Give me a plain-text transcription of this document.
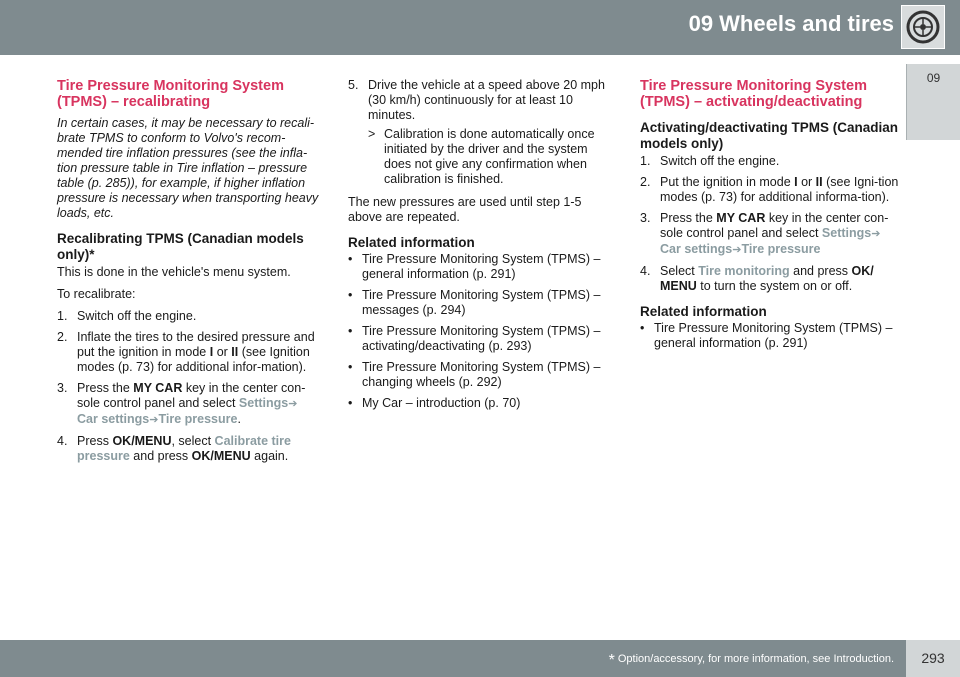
09 Wheels and tires
09
Tire Pressure Monitoring System (TPMS) – recalibrating

In certain cases, it may be necessary to recali-brate TPMS to conform to Volvo's recom-mended tire inflation pressures (see the infla-tion pressure table in Tire inflation – pressure table (p. 285)), for example, if higher inflation pressure is necessary when transporting heavy loads, etc.

Recalibrating TPMS (Canadian models only)*

This is done in the vehicle's menu system.

To recalibrate:

1. Switch off the engine.
2. Inflate the tires to the desired pressure and put the ignition in mode I or II (see Ignition modes (p. 73) for additional infor-mation).
3. Press the MY CAR key in the center con-sole control panel and select Settings➔
Car settings➔Tire pressure.
4. Press OK/MENU, select Calibrate tire pressure and press OK/MENU again.
5. Drive the vehicle at a speed above 20 mph (30 km/h) continuously for at least 10 minutes.
> Calibration is done automatically once initiated by the driver and the system does not give any confirmation when calibration is finished.

The new pressures are used until step 1-5 above are repeated.

Related information
• Tire Pressure Monitoring System (TPMS) – general information (p. 291)
• Tire Pressure Monitoring System (TPMS) – messages (p. 294)
• Tire Pressure Monitoring System (TPMS) – activating/deactivating (p. 293)
• Tire Pressure Monitoring System (TPMS) – changing wheels (p. 292)
• My Car – introduction (p. 70)
Tire Pressure Monitoring System (TPMS) – activating/deactivating
Activating/deactivating TPMS (Canadian models only)
1. Switch off the engine.
2. Put the ignition in mode I or II (see Igni-tion modes (p. 73) for additional informa-tion).
3. Press the MY CAR key in the center con-sole control panel and select Settings➔
Car settings➔Tire pressure
4. Select Tire monitoring and press OK/ MENU to turn the system on or off.
Related information
• Tire Pressure Monitoring System (TPMS) – general information (p. 291)
* Option/accessory, for more information, see Introduction.	293
